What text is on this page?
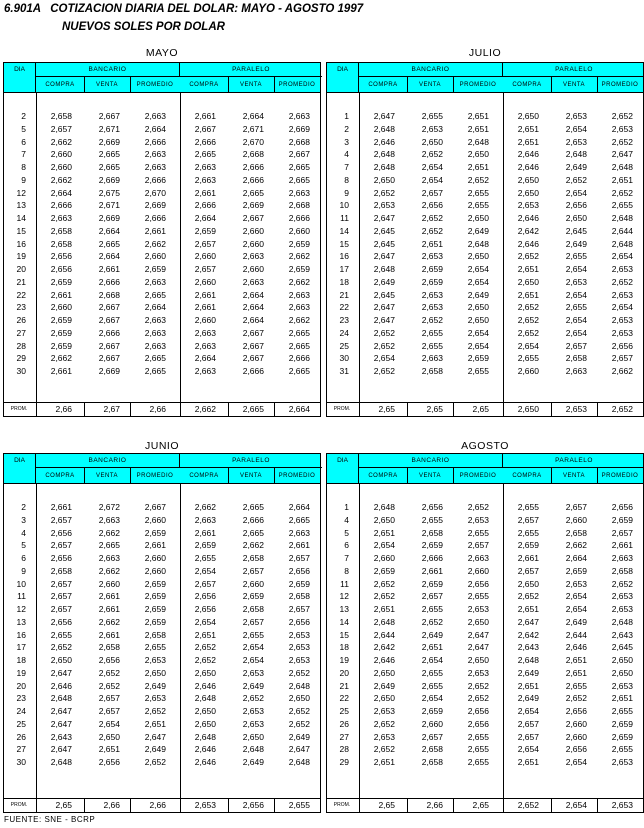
6.901A COTIZACION DIARIA DEL DOLAR: MAYO - AGOSTO 1997
NUEVOS SOLES POR DOLAR
MAYO
DIA	BANCARIO	PARALELO
COMPRA	VENTA	PROMEDIO	COMPRA	VENTA	PROMEDIO
2	2,658	2,667	2,663	2,661	2,664	2,663
5	2,657	2,671	2,664	2,667	2,671	2,669
6	2,662	2,669	2,666	2,666	2,670	2,668
7	2,660	2,665	2,663	2,665	2,668	2,667
8	2,660	2,665	2,663	2,663	2,666	2,665
9	2,662	2,669	2,666	2,663	2,666	2,665
12	2,664	2,675	2,670	2,661	2,665	2,663
13	2,666	2,671	2,669	2,666	2,669	2,668
14	2,663	2,669	2,666	2,664	2,667	2,666
15	2,658	2,664	2,661	2,659	2,660	2,660
16	2,658	2,665	2,662	2,657	2,660	2,659
19	2,656	2,664	2,660	2,660	2,663	2,662
20	2,656	2,661	2,659	2,657	2,660	2,659
21	2,659	2,666	2,663	2,660	2,663	2,662
22	2,661	2,668	2,665	2,661	2,664	2,663
23	2,660	2,667	2,664	2,661	2,664	2,663
26	2,659	2,667	2,663	2,660	2,664	2,662
27	2,659	2,666	2,663	2,663	2,667	2,665
28	2,659	2,667	2,663	2,663	2,667	2,665
29	2,662	2,667	2,665	2,664	2,667	2,666
30	2,661	2,669	2,665	2,663	2,666	2,665
PROM.	2,66	2,67	2,66	2,662	2,665	2,664
JULIO
DIA	BANCARIO	PARALELO
COMPRA	VENTA	PROMEDIO	COMPRA	VENTA	PROMEDIO
1	2,647	2,655	2,651	2,650	2,653	2,652
2	2,648	2,653	2,651	2,651	2,654	2,653
3	2,646	2,650	2,648	2,651	2,653	2,652
4	2,648	2,652	2,650	2,646	2,648	2,647
7	2,648	2,654	2,651	2,646	2,649	2,648
8	2,650	2,654	2,652	2,650	2,652	2,651
9	2,652	2,657	2,655	2,650	2,654	2,652
10	2,653	2,656	2,655	2,653	2,656	2,655
11	2,647	2,652	2,650	2,646	2,650	2,648
14	2,645	2,652	2,649	2,642	2,645	2,644
15	2,645	2,651	2,648	2,646	2,649	2,648
16	2,647	2,653	2,650	2,652	2,655	2,654
17	2,648	2,659	2,654	2,651	2,654	2,653
18	2,649	2,659	2,654	2,650	2,653	2,652
21	2,645	2,653	2,649	2,651	2,654	2,653
22	2,647	2,653	2,650	2,652	2,655	2,654
23	2,647	2,652	2,650	2,652	2,654	2,653
24	2,652	2,655	2,654	2,652	2,654	2,653
25	2,652	2,655	2,654	2,654	2,657	2,656
30	2,654	2,663	2,659	2,655	2,658	2,657
31	2,652	2,658	2,655	2,660	2,663	2,662
PROM.	2,65	2,65	2,65	2,650	2,653	2,652
JUNIO
DIA	BANCARIO	PARALELO
COMPRA	VENTA	PROMEDIO	COMPRA	VENTA	PROMEDIO
2	2,661	2,672	2,667	2,662	2,665	2,664
3	2,657	2,663	2,660	2,663	2,666	2,665
4	2,656	2,662	2,659	2,661	2,665	2,663
5	2,657	2,665	2,661	2,659	2,662	2,661
6	2,656	2,663	2,660	2,655	2,658	2,657
9	2,658	2,662	2,660	2,654	2,657	2,656
10	2,657	2,660	2,659	2,657	2,660	2,659
11	2,657	2,661	2,659	2,656	2,659	2,658
12	2,657	2,661	2,659	2,656	2,658	2,657
13	2,656	2,662	2,659	2,654	2,657	2,656
16	2,655	2,661	2,658	2,651	2,655	2,653
17	2,652	2,658	2,655	2,652	2,654	2,653
18	2,650	2,656	2,653	2,652	2,654	2,653
19	2,647	2,652	2,650	2,650	2,653	2,652
20	2,646	2,652	2,649	2,646	2,649	2,648
23	2,648	2,657	2,653	2,648	2,652	2,650
24	2,647	2,657	2,652	2,650	2,653	2,652
25	2,647	2,654	2,651	2,650	2,653	2,652
26	2,643	2,650	2,647	2,648	2,650	2,649
27	2,647	2,651	2,649	2,646	2,648	2,647
30	2,648	2,656	2,652	2,646	2,649	2,648
PROM.	2,65	2,66	2,66	2,653	2,656	2,655
AGOSTO
DIA	BANCARIO	PARALELO
COMPRA	VENTA	PROMEDIO	COMPRA	VENTA	PROMEDIO
1	2,648	2,656	2,652	2,655	2,657	2,656
4	2,650	2,655	2,653	2,657	2,660	2,659
5	2,651	2,658	2,655	2,655	2,658	2,657
6	2,654	2,659	2,657	2,659	2,662	2,661
7	2,660	2,666	2,663	2,661	2,664	2,663
8	2,659	2,661	2,660	2,657	2,659	2,658
11	2,652	2,659	2,656	2,650	2,653	2,652
12	2,652	2,657	2,655	2,652	2,654	2,653
13	2,651	2,655	2,653	2,651	2,654	2,653
14	2,648	2,652	2,650	2,647	2,649	2,648
15	2,644	2,649	2,647	2,642	2,644	2,643
18	2,642	2,651	2,647	2,643	2,646	2,645
19	2,646	2,654	2,650	2,648	2,651	2,650
20	2,650	2,655	2,653	2,649	2,651	2,650
21	2,649	2,655	2,652	2,651	2,655	2,653
22	2,650	2,654	2,652	2,649	2,652	2,651
25	2,653	2,659	2,656	2,654	2,656	2,655
26	2,652	2,660	2,656	2,657	2,660	2,659
27	2,653	2,657	2,655	2,657	2,660	2,659
28	2,652	2,658	2,655	2,654	2,656	2,655
29	2,651	2,658	2,655	2,651	2,654	2,653
PROM.	2,65	2,66	2,65	2,652	2,654	2,653
FUENTE: SNE - BCRP
